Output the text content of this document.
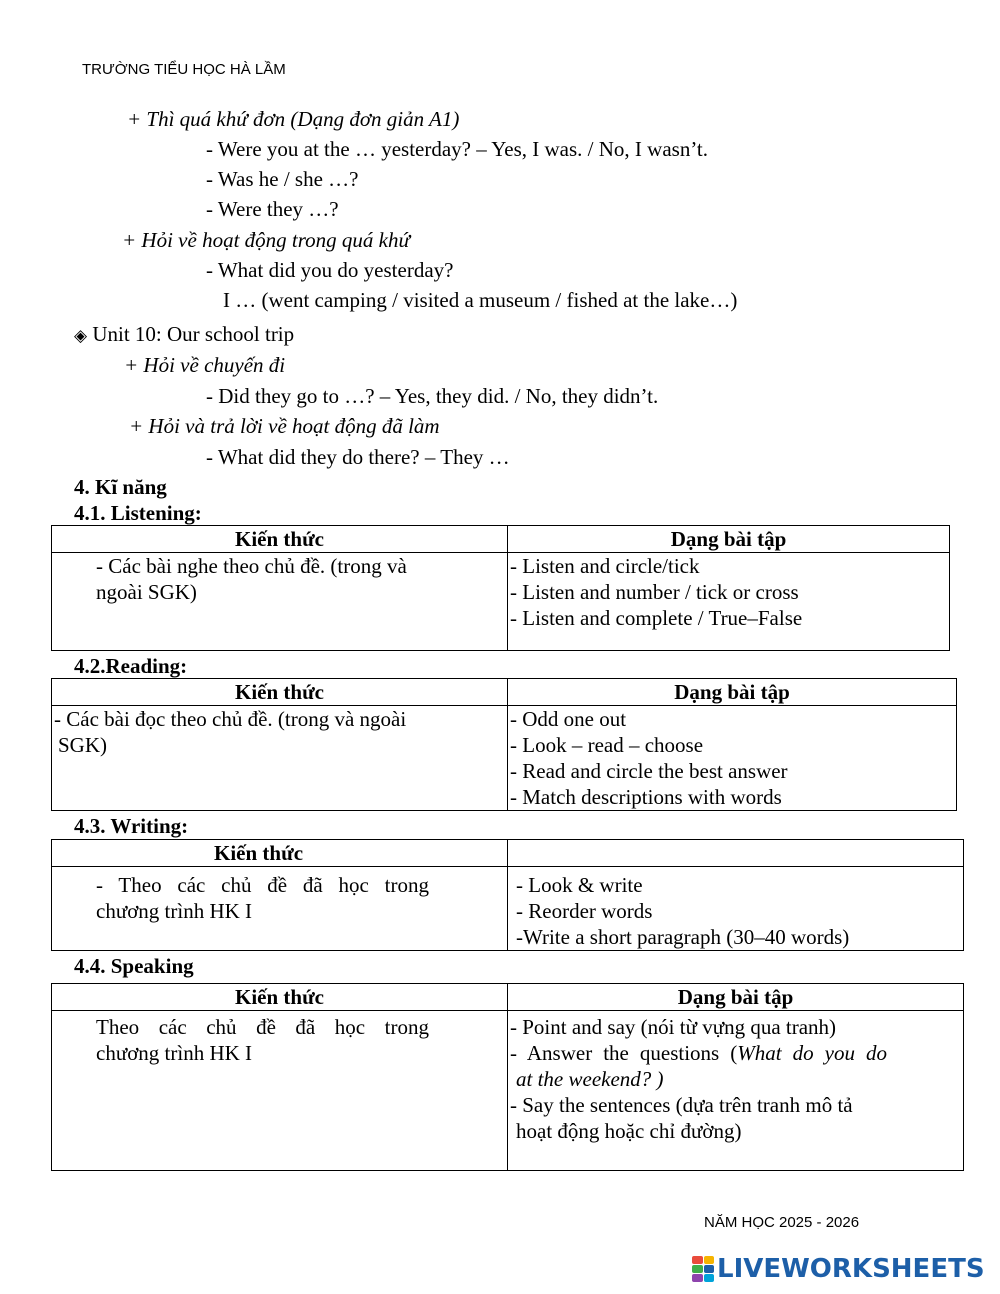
TRƯỜNG TIỂU HỌC HÀ LẦM
+ Thì quá khứ đơn (Dạng đơn giản A1)
- Were you at the … yesterday? – Yes, I was. / No, I wasn’t.
- Was he / she …?
- Were they …?
+ Hỏi về hoạt động trong quá khứ
- What did you do yesterday?
I … (went camping / visited a museum / fished at the lake…)
◈ Unit 10: Our school trip
+ Hỏi về chuyến đi
- Did they go to …? – Yes, they did. / No, they didn’t.
+ Hỏi và trả lời về hoạt động đã làm
- What did they do there? – They …
4. Kĩ năng
4.1. Listening:
Kiến thức	Dạng bài tập

- Các bài nghe theo chủ đề. (trong và
ngoài SGK)	- Listen and circle/tick
- Listen and number / tick or cross
- Listen and complete / True–False
4.2.Reading:
Kiến thức	Dạng bài tập

- Các bài đọc theo chủ đề. (trong và ngoài
SGK)	- Odd one out
- Look – read – choose
- Read and circle the best answer
- Match descriptions with words
4.3. Writing:
Kiến thức	

- Theo các chủ đề đã học trong
chương trình HK I	- Look & write
- Reorder words
-Write a short paragraph (30–40 words)
4.4. Speaking
Kiến thức	Dạng bài tập

Theo các chủ đề đã học trong
chương trình HK I	- Point and say (nói từ vựng qua tranh)
- Answer the questions (What do you do
at the weekend? )
- Say the sentences (dựa trên tranh mô tả
hoạt động hoặc chỉ đường)
NĂM HỌC 2025 - 2026
LIVEWORKSHEETS
